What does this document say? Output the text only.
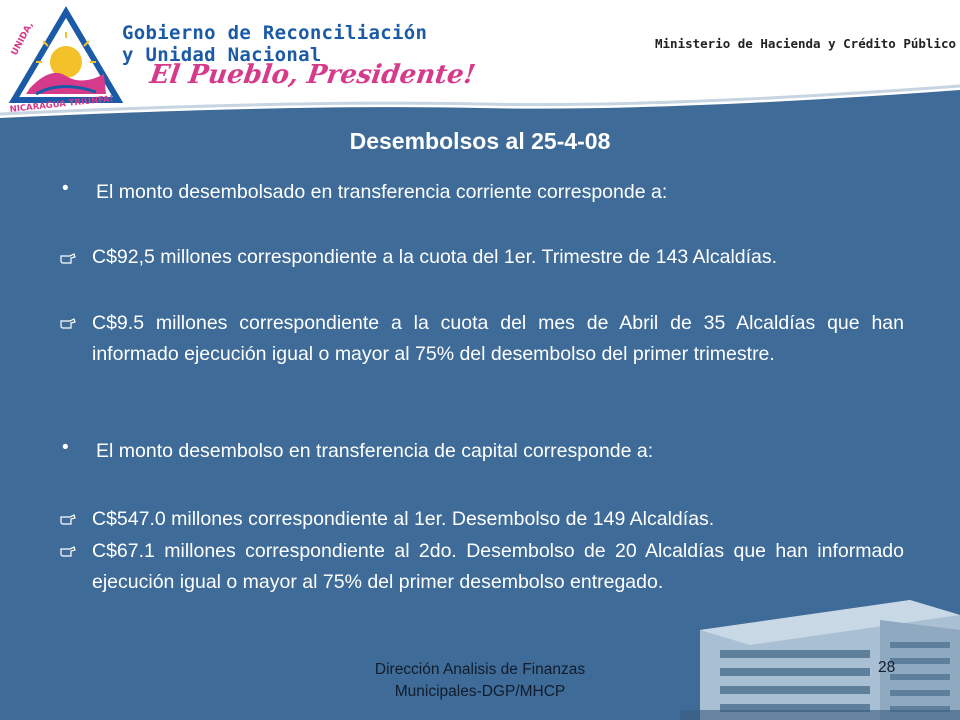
UNIDA,
NICARAGUA TRIUNFA!
Gobierno de Reconciliación
y Unidad Nacional
El Pueblo, Presidente!
Ministerio de Hacienda y Crédito Público
Desembolsos al 25-4-08
• El monto desembolsado en transferencia corriente corresponde a:
C$92,5 millones correspondiente a la cuota del 1er. Trimestre de 143 Alcaldías.
C$9.5 millones correspondiente a la cuota del mes de Abril de 35 Alcaldías que han informado ejecución igual o mayor al 75% del desembolso del primer trimestre.
• El monto desembolso en transferencia de capital corresponde a:
C$547.0 millones correspondiente al 1er. Desembolso de 149 Alcaldías.
C$67.1 millones correspondiente al 2do. Desembolso de 20 Alcaldías que han informado ejecución igual o mayor al 75% del primer desembolso entregado.
Dirección Analisis de Finanzas Municipales-DGP/MHCP
28
